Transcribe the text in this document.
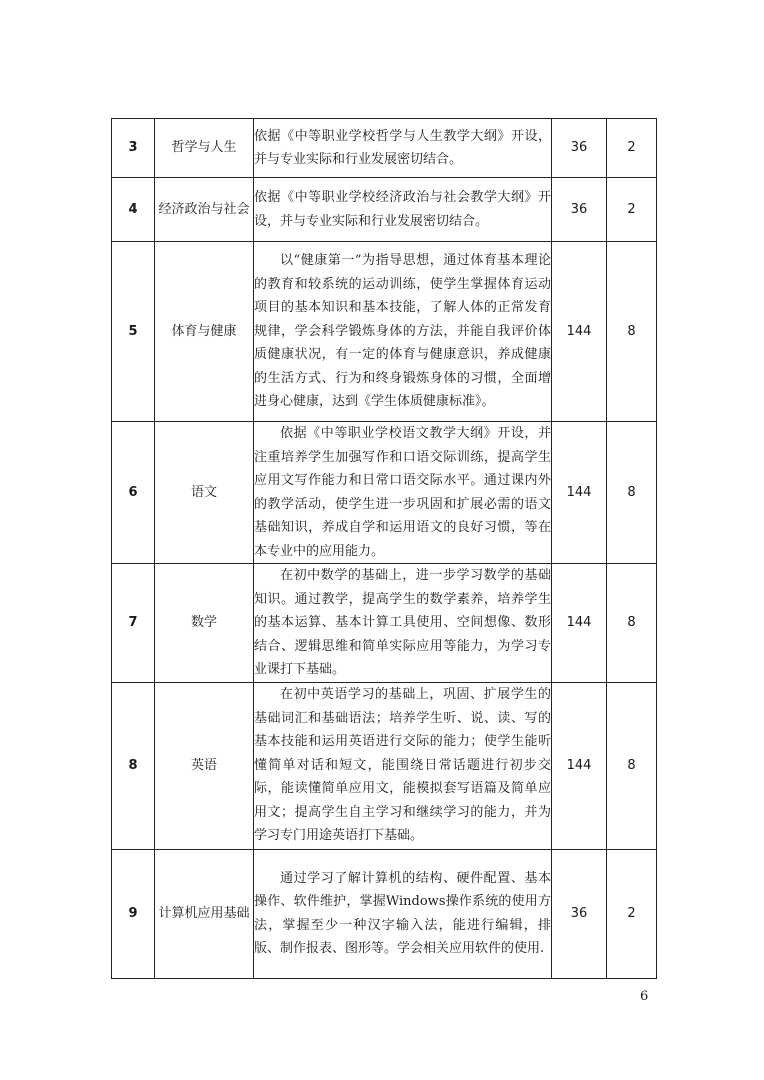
3	哲学与人生	依据《中等职业学校哲学与人生教学大纲》开设，并与专业实际和行业发展密切结合。	36	2
4	经济政治与社会	依据《中等职业学校经济政治与社会教学大纲》开设，并与专业实际和行业发展密切结合。	36	2
5	体育与健康	以“健康第一”为指导思想，通过体育基本理论的教育和较系统的运动训练，使学生掌握体育运动项目的基本知识和基本技能，了解人体的正常发育规律，学会科学锻炼身体的方法，并能自我评价体质健康状况，有一定的体育与健康意识，养成健康的生活方式、行为和终身锻炼身体的习惯，全面增进身心健康，达到《学生体质健康标准》。	144	8
6	语文	依据《中等职业学校语文教学大纲》开设，并注重培养学生加强写作和口语交际训练，提高学生应用文写作能力和日常口语交际水平。通过课内外的教学活动，使学生进一步巩固和扩展必需的语文基础知识，养成自学和运用语文的良好习惯，等在本专业中的应用能力。	144	8
7	数学	在初中数学的基础上，进一步学习数学的基础知识。通过教学，提高学生的数学素养，培养学生的基本运算、基本计算工具使用、空间想像、数形结合、逻辑思维和简单实际应用等能力，为学习专业课打下基础。	144	8
8	英语	在初中英语学习的基础上，巩固、扩展学生的基础词汇和基础语法；培养学生听、说、读、写的基本技能和运用英语进行交际的能力；使学生能听懂简单对话和短文，能围绕日常话题进行初步交际，能读懂简单应用文，能模拟套写语篇及简单应用文；提高学生自主学习和继续学习的能力，并为学习专门用途英语打下基础。	144	8
9	计算机应用基础	通过学习了解计算机的结构、硬件配置、基本操作、软件维护，掌握Windows操作系统的使用方法，掌握至少一种汉字输入法，能进行编辑，排版、制作报表、图形等。学会相关应用软件的使用.	36	2
6
